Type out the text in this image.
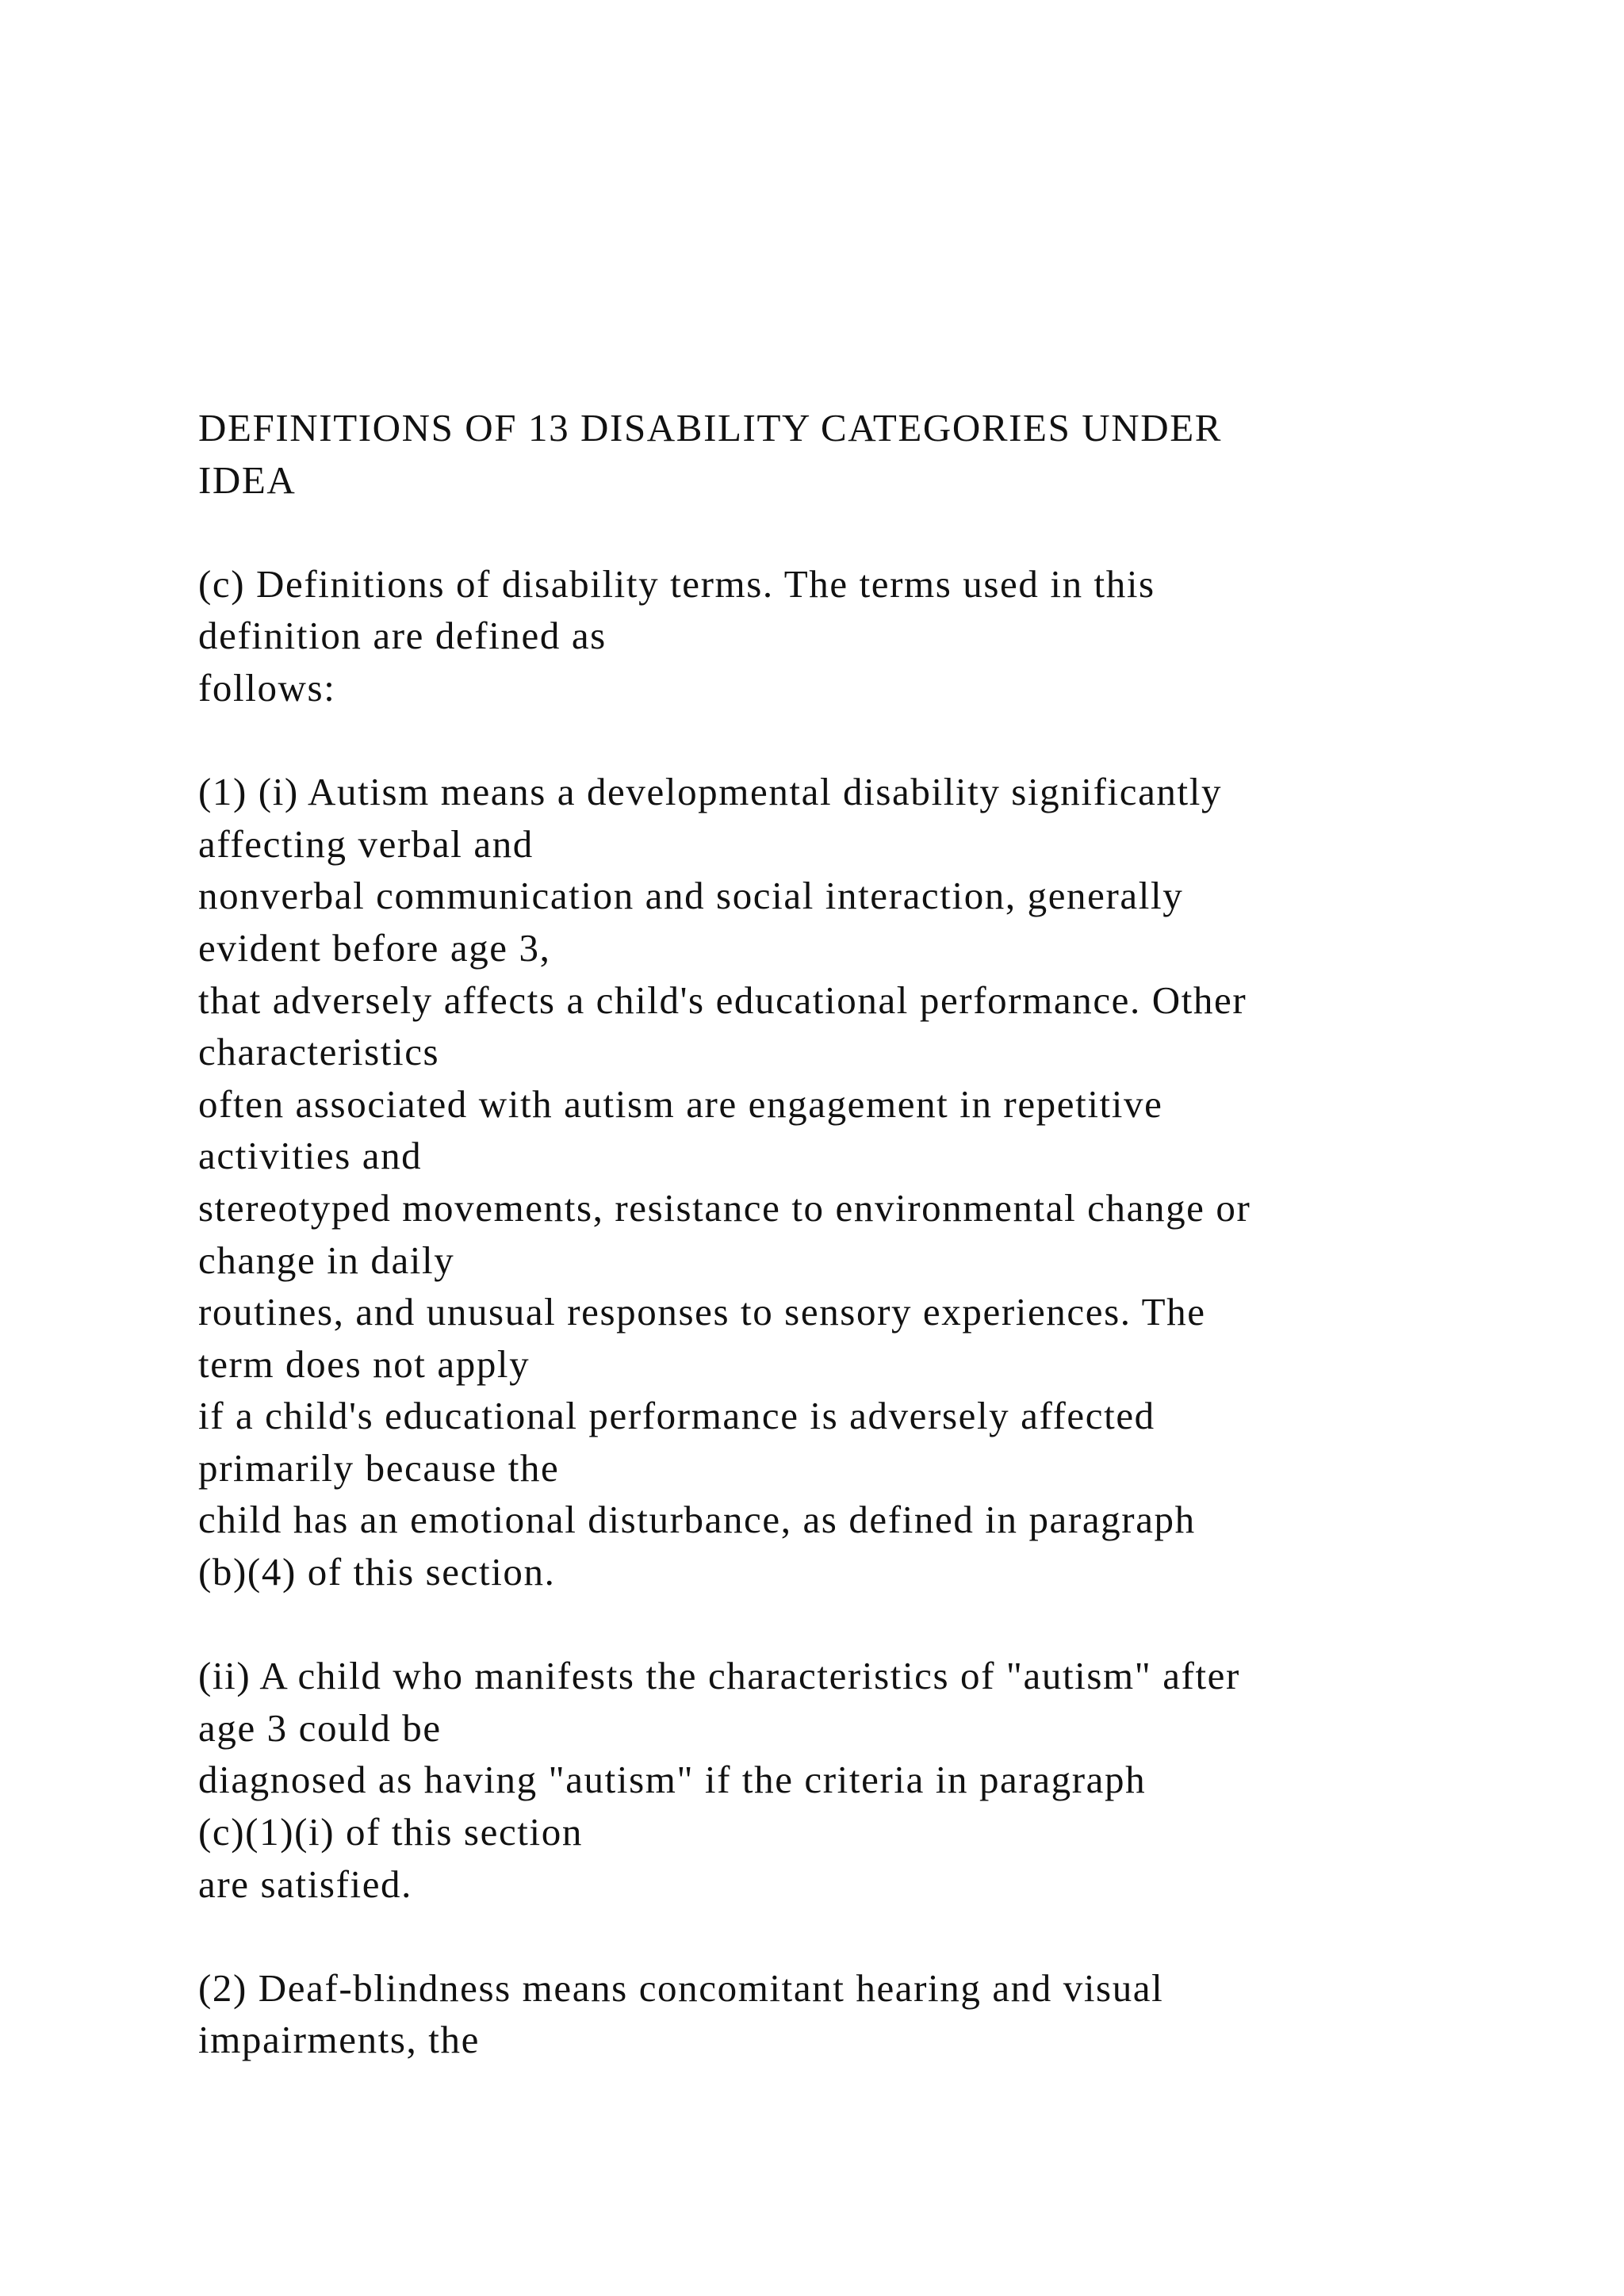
DEFINITIONS OF 13 DISABILITY CATEGORIES UNDER
IDEA
(c) Definitions of disability terms. The terms used in this
definition are defined as
follows:
(1) (i) Autism means a developmental disability significantly
affecting verbal and
nonverbal communication and social interaction, generally
evident before age 3,
that adversely affects a child's educational performance. Other
characteristics
often associated with autism are engagement in repetitive
activities and
stereotyped movements, resistance to environmental change or
change in daily
routines, and unusual responses to sensory experiences. The
term does not apply
if a child's educational performance is adversely affected
primarily because the
child has an emotional disturbance, as defined in paragraph
(b)(4) of this section.
(ii) A child who manifests the characteristics of "autism" after
age 3 could be
diagnosed as having "autism" if the criteria in paragraph
(c)(1)(i) of this section
are satisfied.
(2) Deaf-blindness means concomitant hearing and visual
impairments, the
